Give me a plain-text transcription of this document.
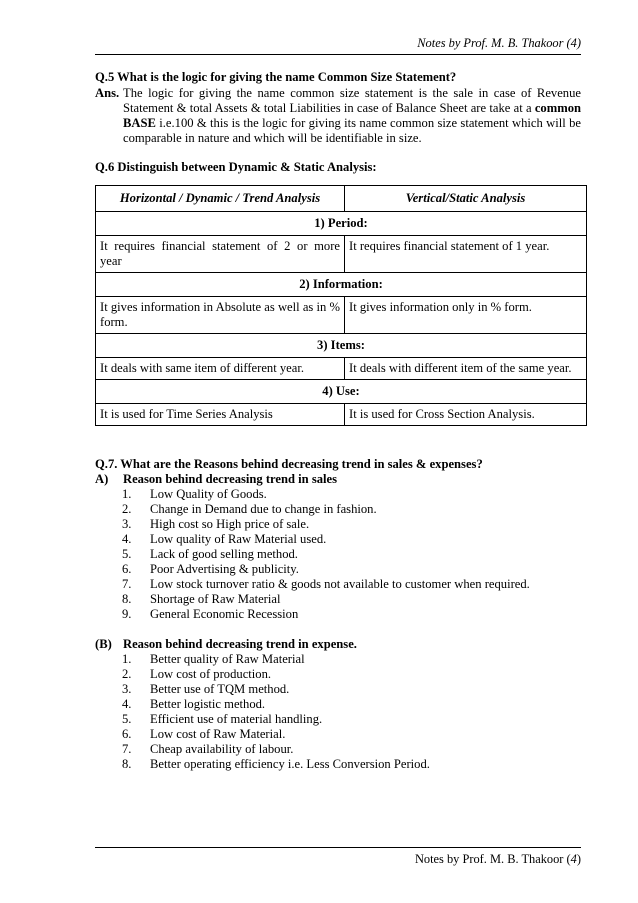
Notes by Prof. M. B. Thakoor (4)
Q.5 What is the logic for giving the name Common Size Statement?
Ans. The logic for giving the name common size statement is the sale in case of Revenue Statement & total Assets & total Liabilities in case of Balance Sheet are take at a common BASE i.e.100 & this is the logic for giving its name common size statement which will be comparable in nature and which will be identifiable in size.
Q.6 Distinguish between Dynamic & Static Analysis:
Horizontal / Dynamic / Trend Analysis	Vertical/Static Analysis
1) Period:	
It requires financial statement of 2 or more year	It requires financial statement of 1 year.
2) Information:	
It gives information in Absolute as well as in % form.	It gives information only in % form.
3) Items:	
It deals with same item of different year.	It deals with different item of the same year.
4) Use:	
It is used for Time Series Analysis	It is used for Cross Section Analysis.
Q.7. What are the Reasons behind decreasing trend in sales & expenses?
A)	Reason behind decreasing trend in sales
1.	Low Quality of Goods.
2.	Change in Demand due to change in fashion.
3.	High cost so High price of sale.
4.	Low quality of Raw Material used.
5.	Lack of good selling method.
6.	Poor Advertising & publicity.
7.	Low stock turnover ratio & goods not available to customer when required.
8.	Shortage of Raw Material
9.	General Economic Recession
(B) Reason behind decreasing trend in expense.
1.	Better quality of Raw Material
2.	Low cost of production.
3.	Better use of TQM method.
4.	Better logistic method.
5.	Efficient use of material handling.
6.	Low cost of Raw Material.
7.	Cheap availability of labour.
8.	Better operating efficiency i.e. Less Conversion Period.
Notes by Prof. M. B. Thakoor (4)
